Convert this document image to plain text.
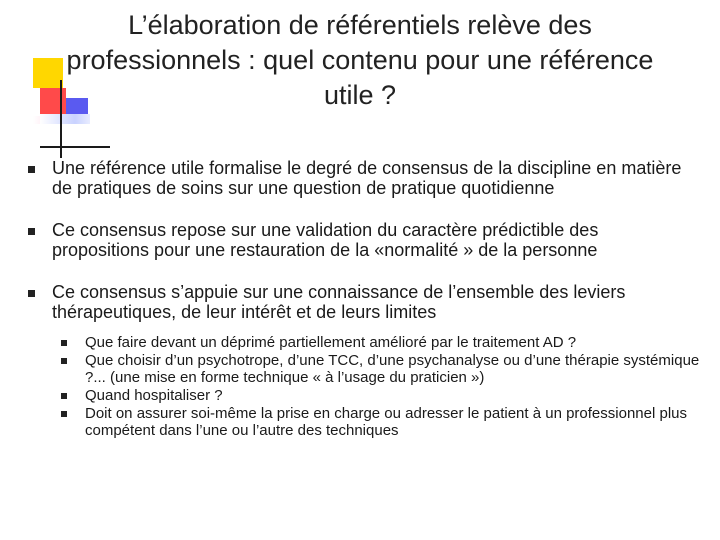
L’élaboration de référentiels relève des professionnels : quel contenu pour une référence utile ?
Une référence utile formalise le degré de consensus de la discipline en matière de pratiques de soins sur une question de pratique quotidienne
Ce consensus repose sur une validation du caractère prédictible des propositions pour une restauration de la «normalité » de la personne
Ce consensus s’appuie sur une connaissance de l’ensemble des leviers thérapeutiques, de leur intérêt et de leurs limites
Que faire devant un déprimé partiellement amélioré par le traitement AD ?
Que choisir d’un psychotrope, d’une TCC, d’une psychanalyse ou d’une thérapie systémique ?... (une mise en forme technique « à l’usage du praticien »)
Quand hospitaliser ?
Doit on assurer soi-même la prise en charge ou adresser le patient à un professionnel plus compétent dans l’une ou l’autre des techniques
